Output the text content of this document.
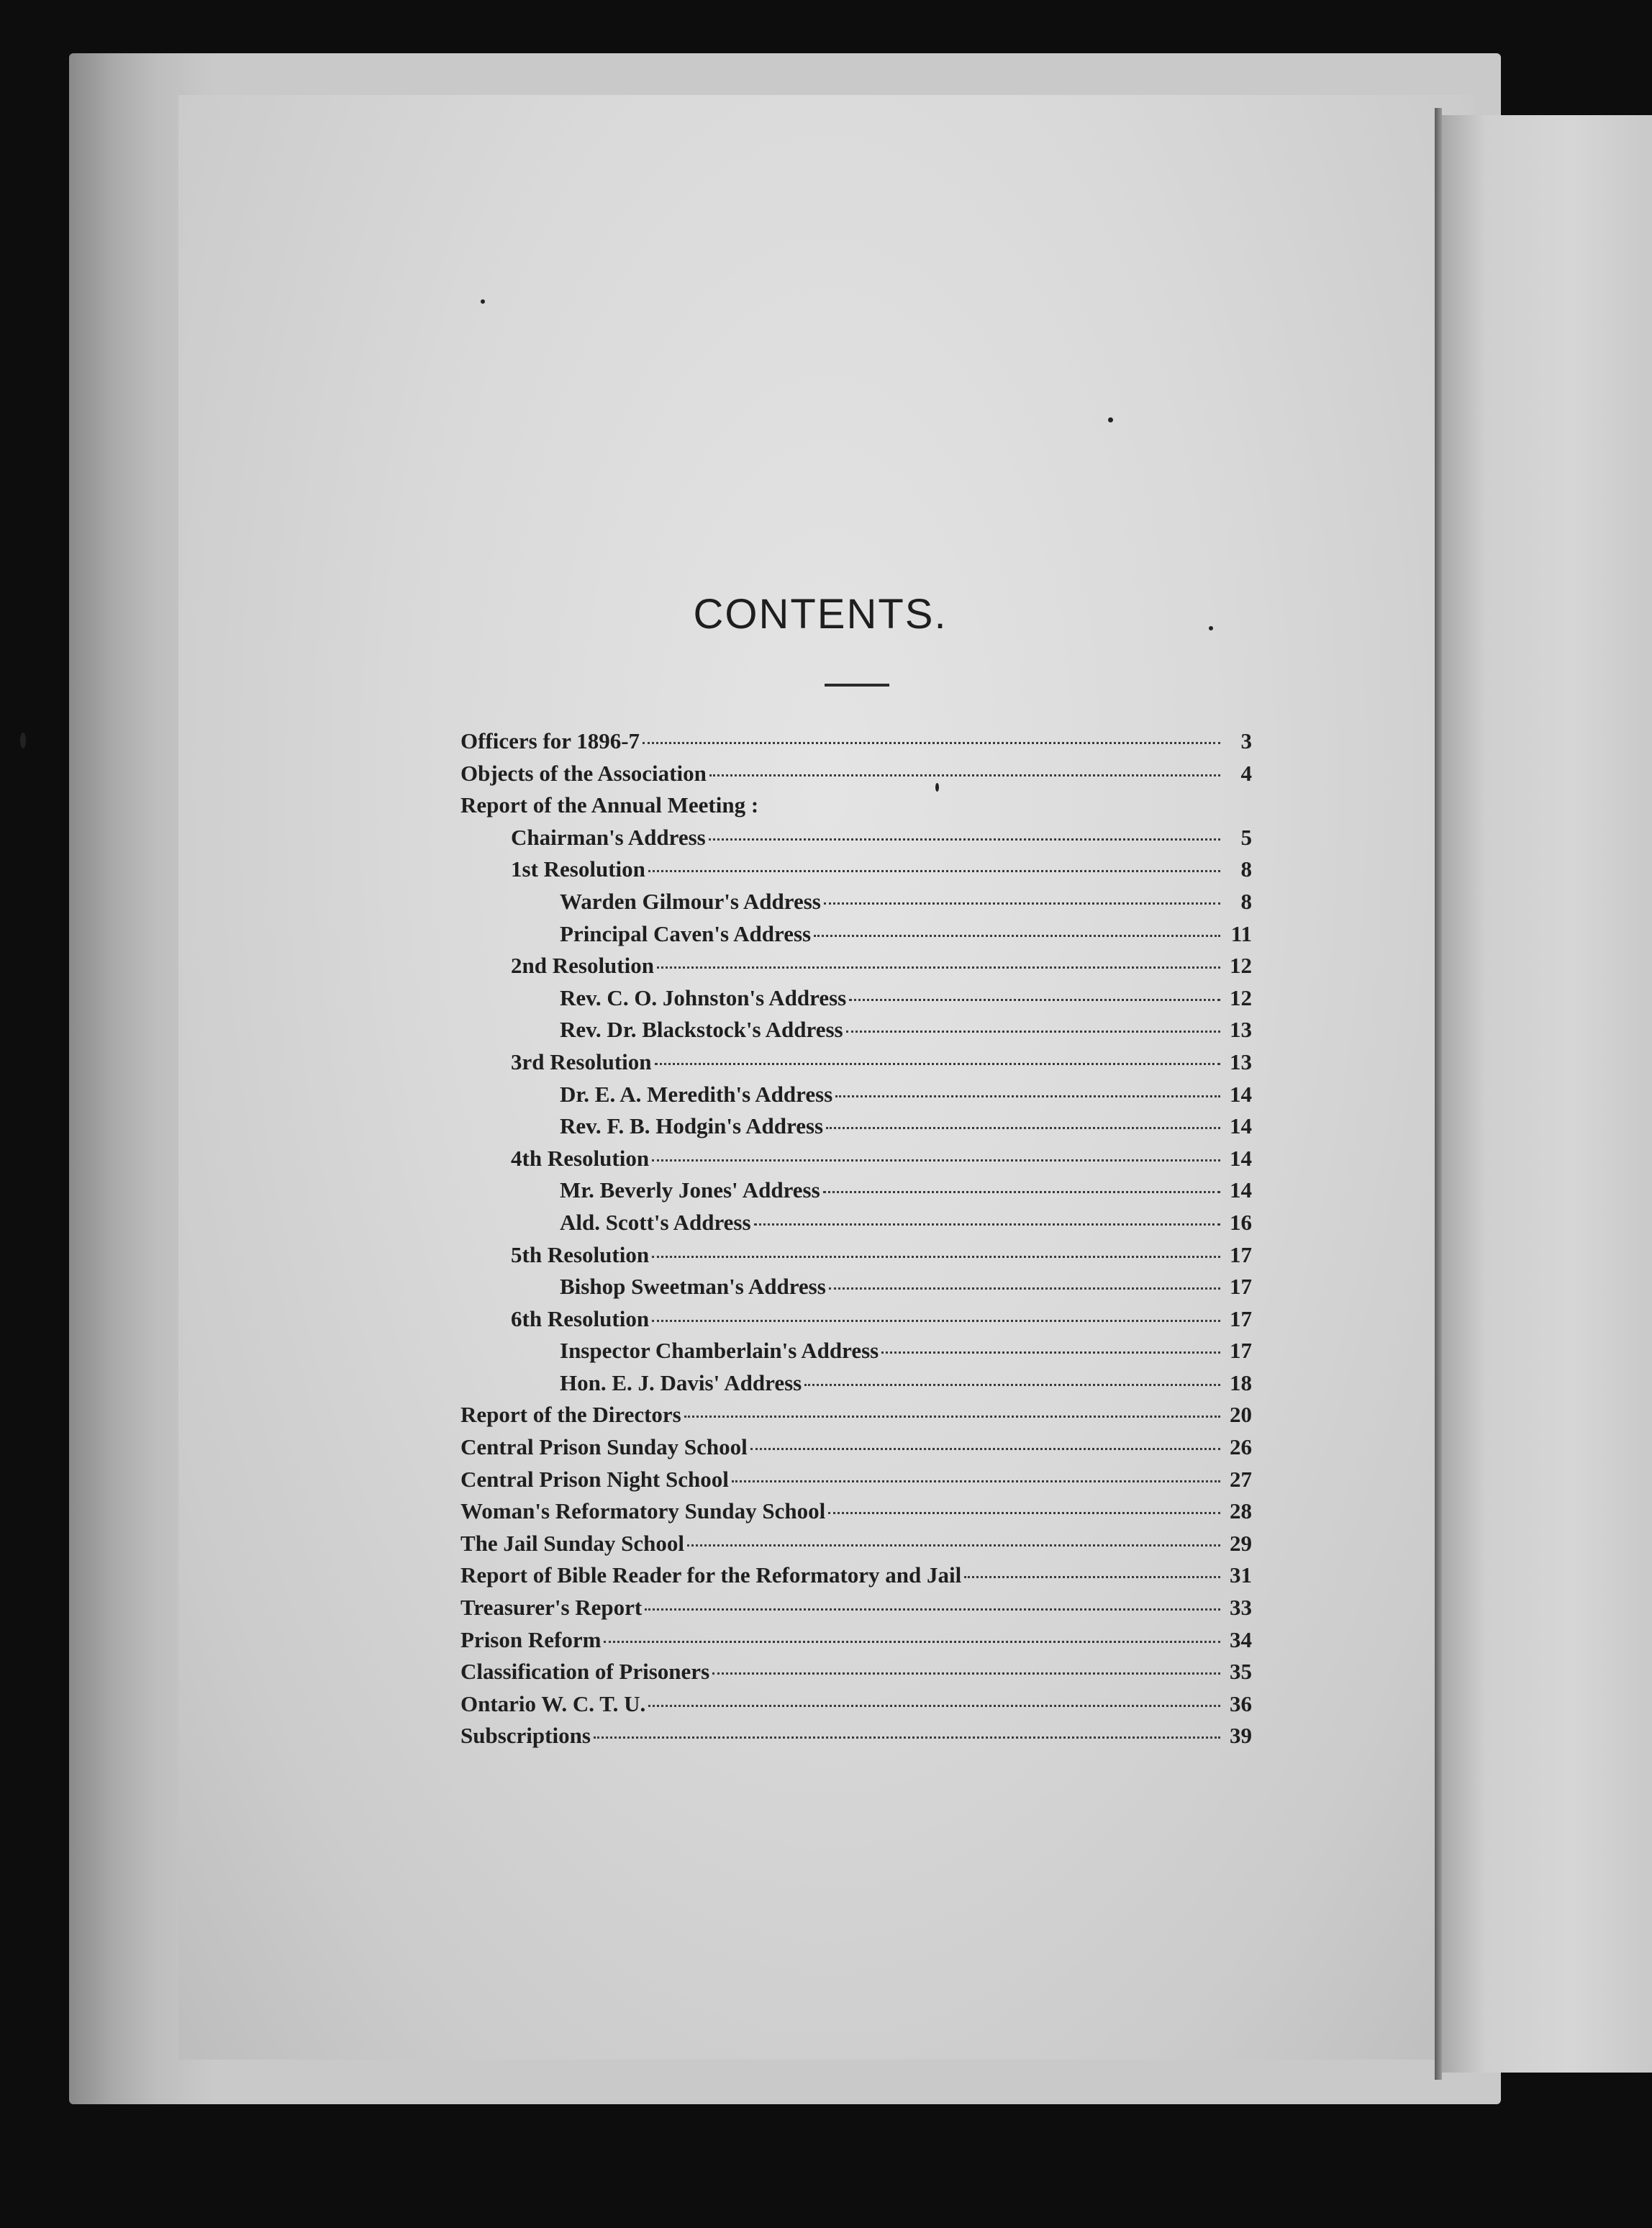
CONTENTS.
Officers for 1896-7	3
Objects of the Association	4
Report of the Annual Meeting :
Chairman's Address	5
1st Resolution	8
Warden Gilmour's Address	8
Principal Caven's Address	11
2nd Resolution	12
Rev. C. O. Johnston's Address	12
Rev. Dr. Blackstock's Address	13
3rd Resolution	13
Dr. E. A. Meredith's Address	14
Rev. F. B. Hodgin's Address	14
4th Resolution	14
Mr. Beverly Jones' Address	14
Ald. Scott's Address	16
5th Resolution	17
Bishop Sweetman's Address	17
6th Resolution	17
Inspector Chamberlain's Address	17
Hon. E. J. Davis' Address	18
Report of the Directors	20
Central Prison Sunday School	26
Central Prison Night School	27
Woman's Reformatory Sunday School	28
The Jail Sunday School	29
Report of Bible Reader for the Reformatory and Jail	31
Treasurer's Report	33
Prison Reform	34
Classification of Prisoners	35
Ontario W. C. T. U.	36
Subscriptions	39
